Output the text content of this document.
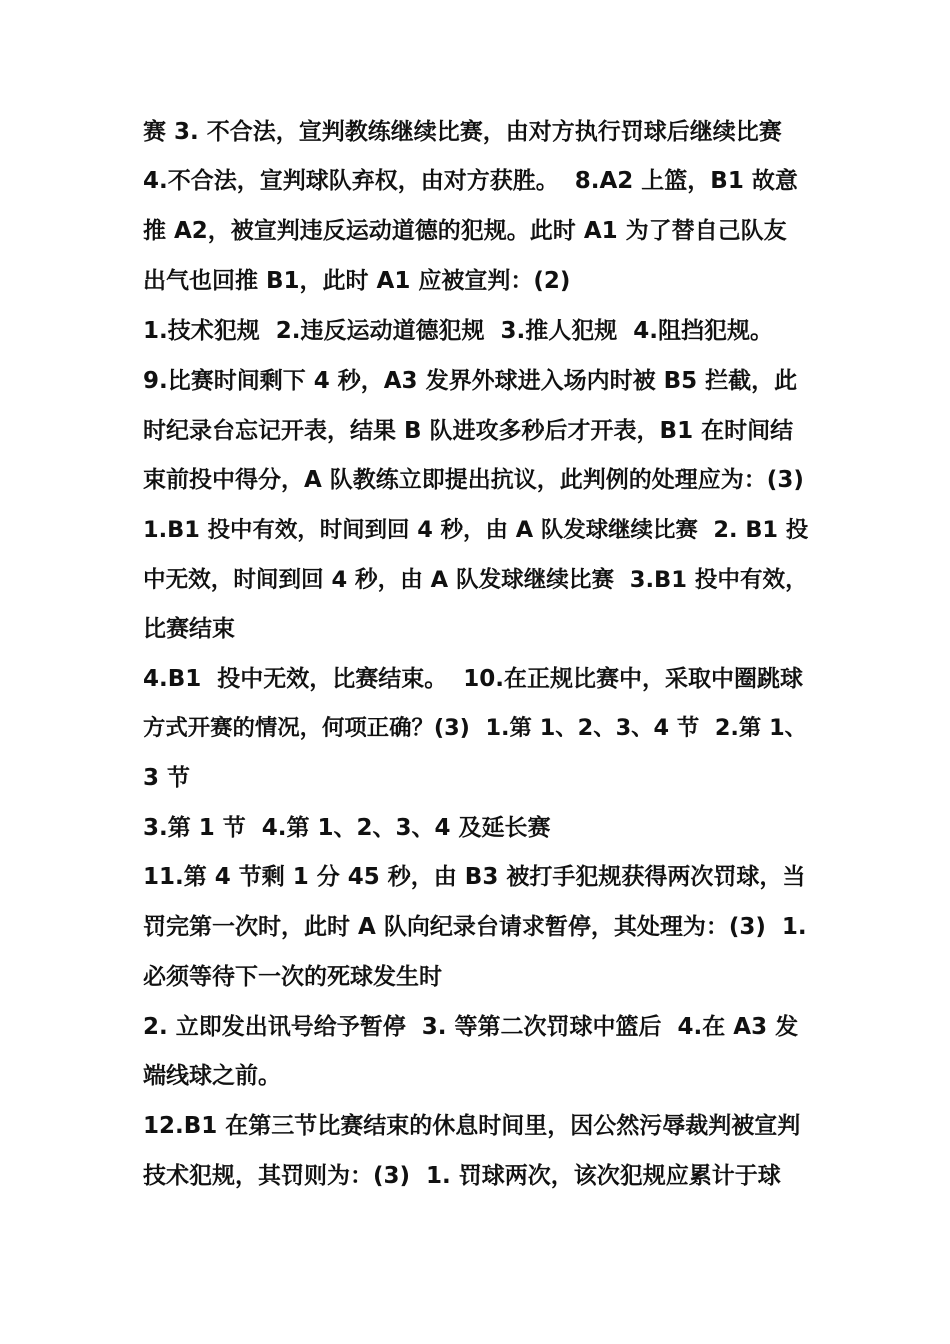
赛 3. 不合法，宣判教练继续比赛，由对方执行罚球后继续比赛
4.不合法，宣判球队弃权，由对方获胜。  8.A2 上篮，B1 故意
推 A2，被宣判违反运动道德的犯规。此时 A1 为了替自己队友
出气也回推 B1，此时 A1 应被宣判：(2)
1.技术犯规  2.违反运动道德犯规  3.推人犯规  4.阻挡犯规。
9.比赛时间剩下 4 秒，A3 发界外球进入场内时被 B5 拦截，此
时纪录台忘记开表，结果 B 队进攻多秒后才开表，B1 在时间结
束前投中得分，A 队教练立即提出抗议，此判例的处理应为：(3)
1.B1 投中有效，时间到回 4 秒，由 A 队发球继续比赛  2. B1 投
中无效，时间到回 4 秒，由 A 队发球继续比赛  3.B1 投中有效，
比赛结束
4.B1  投中无效，比赛结束。  10.在正规比赛中，采取中圈跳球
方式开赛的情况，何项正确？(3)  1.第 1、2、3、4 节  2.第 1、
3 节
3.第 1 节  4.第 1、2、3、4 及延长赛
11.第 4 节剩 1 分 45 秒，由 B3 被打手犯规获得两次罚球，当
罚完第一次时，此时 A 队向纪录台请求暂停，其处理为：(3)  1.
必须等待下一次的死球发生时
2. 立即发出讯号给予暂停  3. 等第二次罚球中篮后  4.在 A3 发
端线球之前。
12.B1 在第三节比赛结束的休息时间里，因公然污辱裁判被宣判
技术犯规，其罚则为：(3)  1. 罚球两次，该次犯规应累计于球
